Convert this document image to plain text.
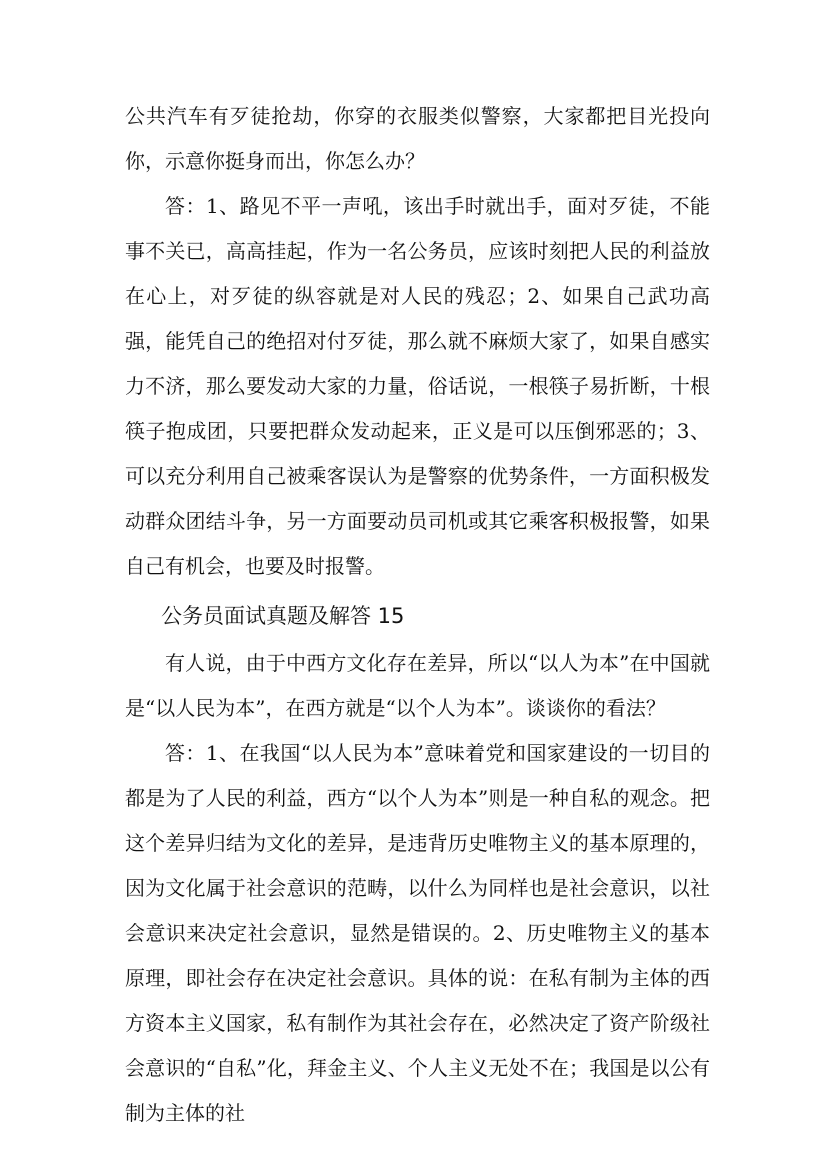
公共汽车有歹徒抢劫，你穿的衣服类似警察，大家都把目光投向你，示意你挺身而出，你怎么办？

答：1、路见不平一声吼，该出手时就出手，面对歹徒，不能事不关已，高高挂起，作为一名公务员，应该时刻把人民的利益放在心上，对歹徒的纵容就是对人民的残忍；2、如果自己武功高强，能凭自己的绝招对付歹徒，那么就不麻烦大家了，如果自感实力不济，那么要发动大家的力量，俗话说，一根筷子易折断，十根筷子抱成团，只要把群众发动起来，正义是可以压倒邪恶的；3、可以充分利用自己被乘客误认为是警察的优势条件，一方面积极发动群众团结斗争，另一方面要动员司机或其它乘客积极报警，如果自己有机会，也要及时报警。

公务员面试真题及解答 15

有人说，由于中西方文化存在差异，所以“以人为本”在中国就是“以人民为本”，在西方就是“以个人为本”。谈谈你的看法？

答：1、在我国“以人民为本”意味着党和国家建设的一切目的都是为了人民的利益，西方“以个人为本”则是一种自私的观念。把这个差异归结为文化的差异，是违背历史唯物主义的基本原理的，因为文化属于社会意识的范畴，以什么为同样也是社会意识，以社会意识来决定社会意识，显然是错误的。2、历史唯物主义的基本原理，即社会存在决定社会意识。具体的说：在私有制为主体的西方资本主义国家，私有制作为其社会存在，必然决定了资产阶级社会意识的“自私”化，拜金主义、个人主义无处不在；我国是以公有制为主体的社
